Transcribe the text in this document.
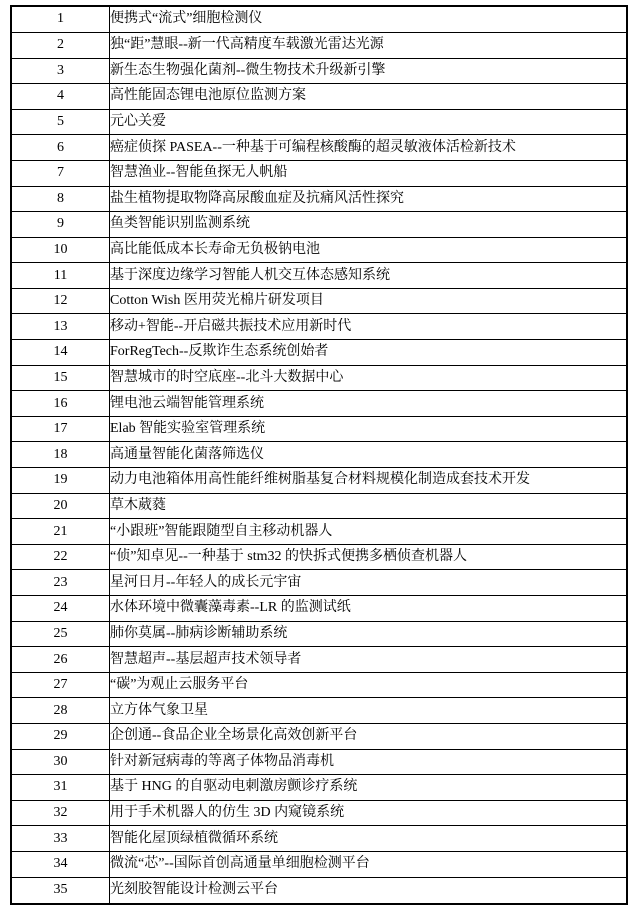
1	便携式“流式”细胞检测仪
2	独“距”慧眼--新一代高精度车载激光雷达光源
3	新生态生物强化菌剂--微生物技术升级新引擎
4	高性能固态锂电池原位监测方案
5	元心关爱
6	癌症侦探 PASEA--一种基于可编程核酸酶的超灵敏液体活检新技术
7	智慧渔业--智能鱼探无人帆船
8	盐生植物提取物降高尿酸血症及抗痛风活性探究
9	鱼类智能识别监测系统
10	高比能低成本长寿命无负极钠电池
11	基于深度边缘学习智能人机交互体态感知系统
12	Cotton Wish 医用荧光棉片研发项目
13	移动+智能--开启磁共振技术应用新时代
14	ForRegTech--反欺诈生态系统创始者
15	智慧城市的时空底座--北斗大数据中心
16	锂电池云端智能管理系统
17	Elab 智能实验室管理系统
18	高通量智能化菌落筛选仪
19	动力电池箱体用高性能纤维树脂基复合材料规模化制造成套技术开发
20	草木葳蕤
21	“小跟班”智能跟随型自主移动机器人
22	“侦”知卓见--一种基于 stm32 的快拆式便携多栖侦查机器人
23	星河日月--年轻人的成长元宇宙
24	水体环境中微囊藻毒素--LR 的监测试纸
25	肺你莫属--肺病诊断辅助系统
26	智慧超声--基层超声技术领导者
27	“碳”为观止云服务平台
28	立方体气象卫星
29	企创通--食品企业全场景化高效创新平台
30	针对新冠病毒的等离子体物品消毒机
31	基于 HNG 的自驱动电刺激房颤诊疗系统
32	用于手术机器人的仿生 3D 内窥镜系统
33	智能化屋顶绿植微循环系统
34	微流“芯”--国际首创高通量单细胞检测平台
35	光刻胶智能设计检测云平台
